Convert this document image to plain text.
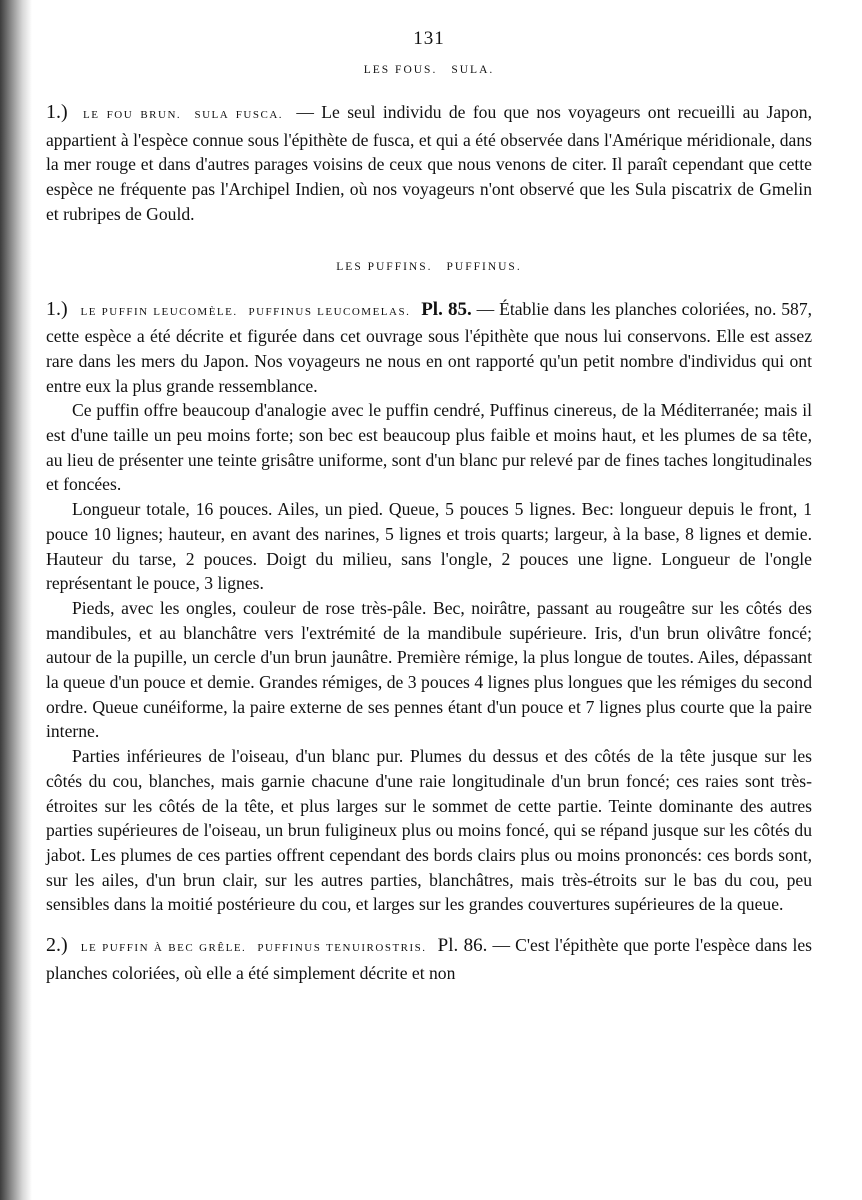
131
LES FOUS. SULA.

1.) LE FOU BRUN. SULA FUSCA. — Le seul individu de fou que nos voyageurs ont recueilli au Japon, appartient à l'espèce connue sous l'épithète de fusca, et qui a été observée dans l'Amérique méridionale, dans la mer rouge et dans d'autres parages voisins de ceux que nous venons de citer. Il paraît cependant que cette espèce ne fréquente pas l'Archipel Indien, où nos voyageurs n'ont observé que les Sula piscatrix de Gmelin et rubripes de Gould.

LES PUFFINS. PUFFINUS.

1.) LE PUFFIN LEUCOMÈLE. PUFFINUS LEUCOMELAS. Pl. 85. — Établie dans les planches coloriées, no. 587, cette espèce a été décrite et figurée dans cet ouvrage sous l'épithète que nous lui conservons. Elle est assez rare dans les mers du Japon. Nos voyageurs ne nous en ont rapporté qu'un petit nombre d'individus qui ont entre eux la plus grande ressemblance.

Ce puffin offre beaucoup d'analogie avec le puffin cendré, Puffinus cinereus, de la Méditerranée; mais il est d'une taille un peu moins forte; son bec est beaucoup plus faible et moins haut, et les plumes de sa tête, au lieu de présenter une teinte grisâtre uniforme, sont d'un blanc pur relevé par de fines taches longitudinales et foncées.

Longueur totale, 16 pouces. Ailes, un pied. Queue, 5 pouces 5 lignes. Bec: longueur depuis le front, 1 pouce 10 lignes; hauteur, en avant des narines, 5 lignes et trois quarts; largeur, à la base, 8 lignes et demie. Hauteur du tarse, 2 pouces. Doigt du milieu, sans l'ongle, 2 pouces une ligne. Longueur de l'ongle représentant le pouce, 3 lignes.

Pieds, avec les ongles, couleur de rose très-pâle. Bec, noirâtre, passant au rougeâtre sur les côtés des mandibules, et au blanchâtre vers l'extrémité de la mandibule supérieure. Iris, d'un brun olivâtre foncé; autour de la pupille, un cercle d'un brun jaunâtre. Première rémige, la plus longue de toutes. Ailes, dépassant la queue d'un pouce et demie. Grandes rémiges, de 3 pouces 4 lignes plus longues que les rémiges du second ordre. Queue cunéiforme, la paire externe de ses pennes étant d'un pouce et 7 lignes plus courte que la paire interne.

Parties inférieures de l'oiseau, d'un blanc pur. Plumes du dessus et des côtés de la tête jusque sur les côtés du cou, blanches, mais garnie chacune d'une raie longitudinale d'un brun foncé; ces raies sont très-étroites sur les côtés de la tête, et plus larges sur le sommet de cette partie. Teinte dominante des autres parties supérieures de l'oiseau, un brun fuligineux plus ou moins foncé, qui se répand jusque sur les côtés du jabot. Les plumes de ces parties offrent cependant des bords clairs plus ou moins prononcés: ces bords sont, sur les ailes, d'un brun clair, sur les autres parties, blanchâtres, mais très-étroits sur le bas du cou, peu sensibles dans la moitié postérieure du cou, et larges sur les grandes couvertures supérieures de la queue.

2.) LE PUFFIN À BEC GRÊLE. PUFFINUS TENUIROSTRIS. Pl. 86. — C'est l'épithète que porte l'espèce dans les planches coloriées, où elle a été simplement décrite et non
